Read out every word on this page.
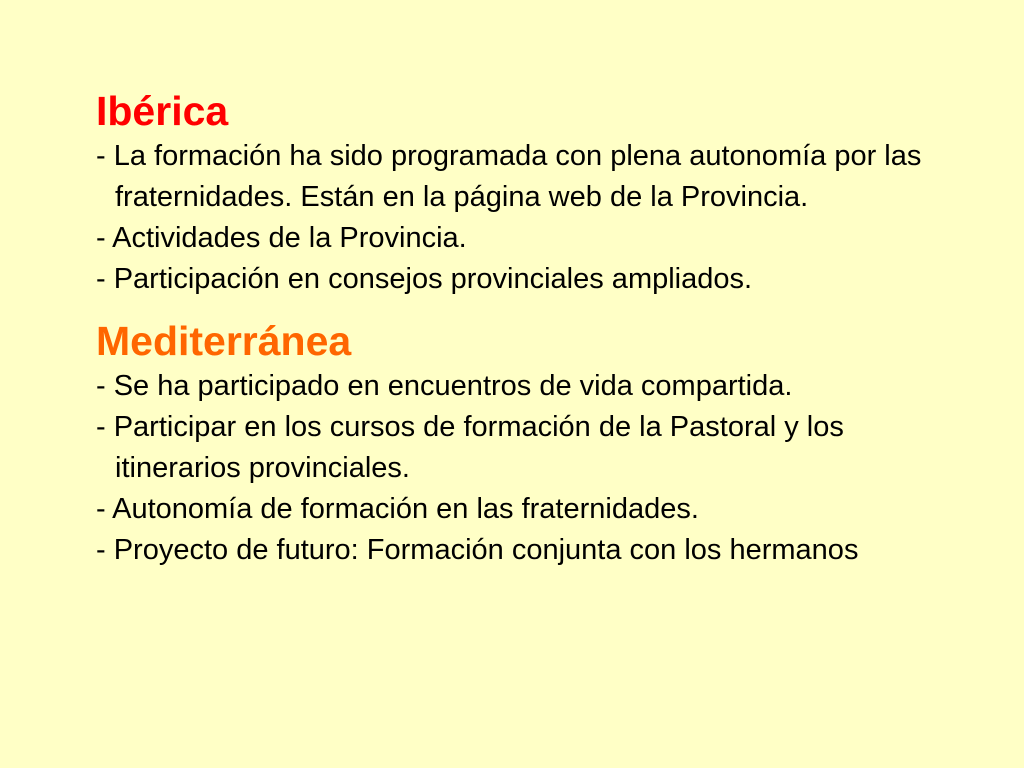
Ibérica
- La formación ha sido programada con plena autonomía por las fraternidades. Están en la página web de la Provincia.
- Actividades de la Provincia.
- Participación en consejos provinciales ampliados.
Mediterránea
- Se ha participado en encuentros de vida compartida.
- Participar en los cursos de formación de la Pastoral y los itinerarios provinciales.
- Autonomía de formación en las fraternidades.
- Proyecto de futuro: Formación conjunta con los hermanos
